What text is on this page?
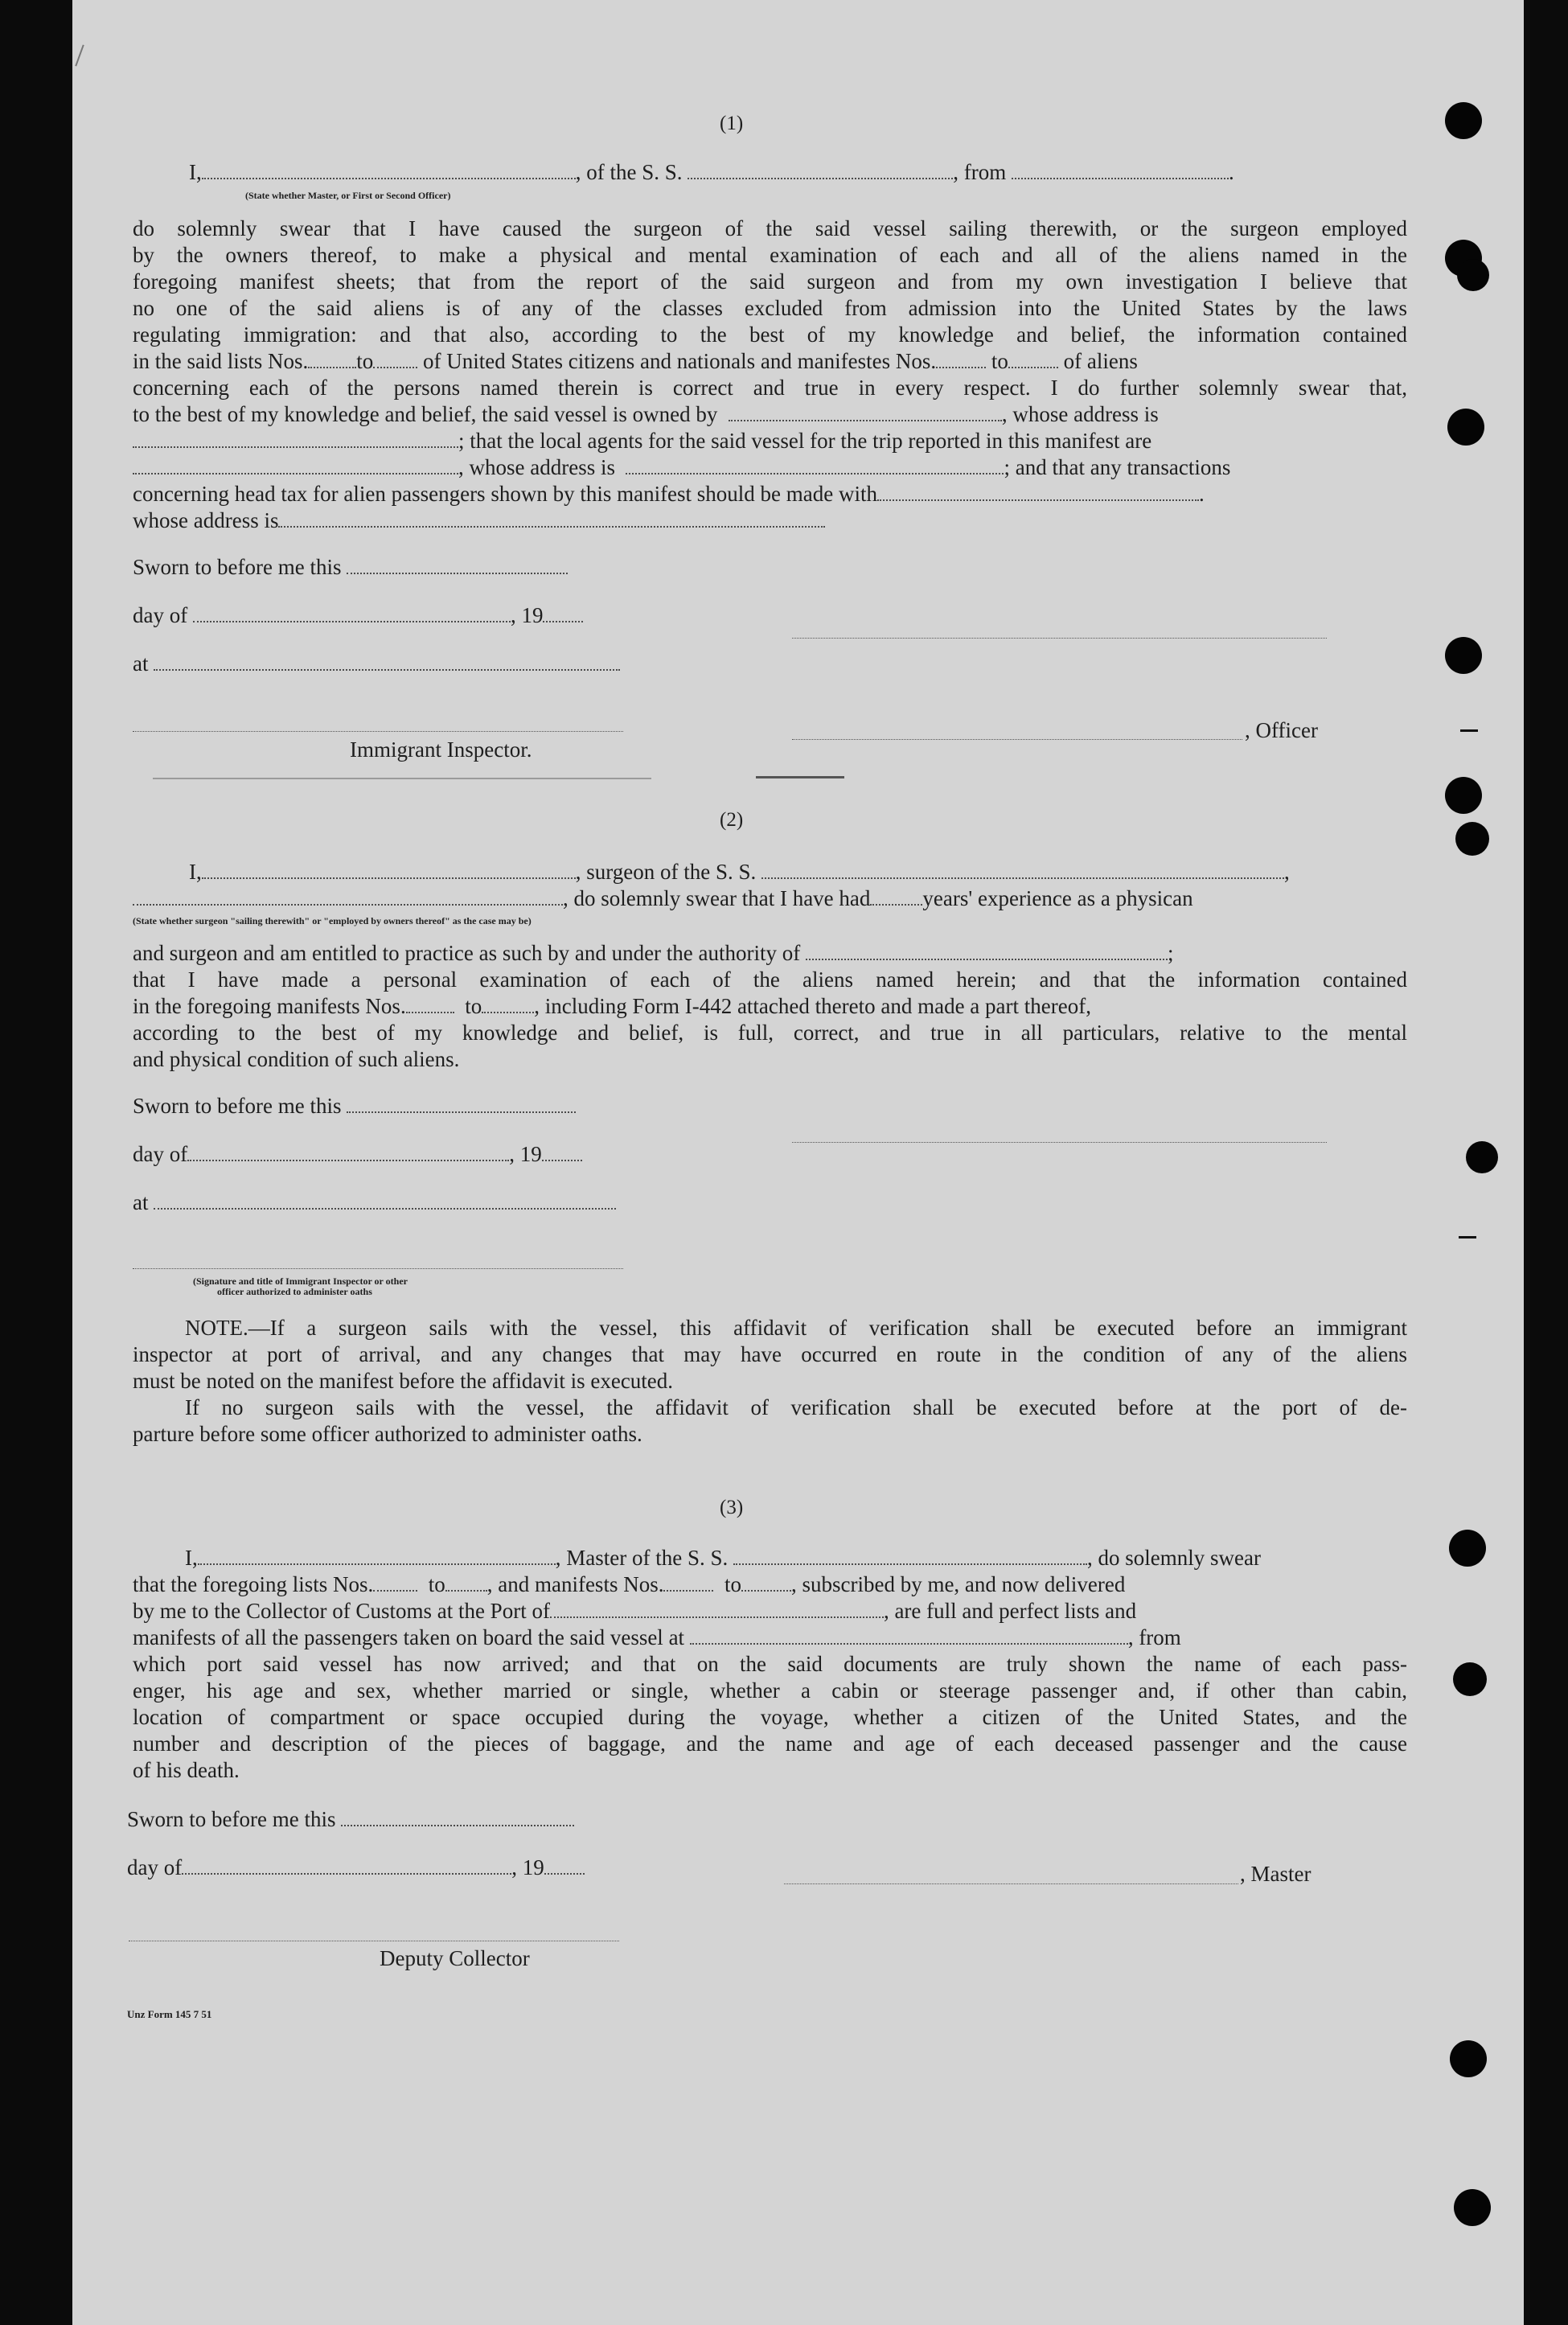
(1)
I,	, of the S. S.	, from	.
(State whether Master, or First or Second Officer)
do solemnly swear that I have caused the surgeon of the said vessel sailing therewith, or the surgeon employed
by the owners thereof, to make a physical and mental examination of each and all of the aliens named in the
foregoing manifest sheets; that from the report of the said surgeon and from my own investigation I believe that
no one of the said aliens is of any of the classes excluded from admission into the United States by the laws
regulating immigration: and that also, according to the best of my knowledge and belief, the information contained
in the said lists Nos. to of United States citizens and nationals and manifestes Nos.	to	of aliens
concerning each of the persons named therein is correct and true in every respect. I do further solemnly swear that,
to the best of my knowledge and belief, the said vessel is owned by	, whose address is
; that the local agents for the said vessel for the trip reported in this manifest are
, whose address is	; and that any transactions
concerning head tax for alien passengers shown by this manifest should be made with	.
whose address is
Sworn to before me this
day of	, 19
at
, Officer
Immigrant Inspector.
(2)
I,	, surgeon of the S. S.	,
, do solemnly swear that I have had years' experience as a physican
(State whether surgeon "sailing therewith" or "employed by owners thereof" as the case may be)
and surgeon and am entitled to practice as such by and under the authority of	;
that I have made a personal examination of each of the aliens named herein; and that the information contained
in the foregoing manifests Nos.	to , including Form I-442 attached thereto and made a part thereof,
according to the best of my knowledge and belief, is full, correct, and true in all particulars, relative to the mental
and physical condition of such aliens.
Sworn to before me this
day of	, 19
at
(Signature and title of Immigrant Inspector or other
officer authorized to administer oaths
NOTE.—If a surgeon sails with the vessel, this affidavit of verification shall be executed before an immigrant
inspector at port of arrival, and any changes that may have occurred en route in the condition of any of the aliens
must be noted on the manifest before the affidavit is executed.
If no surgeon sails with the vessel, the affidavit of verification shall be executed before at the port of de-
parture before some officer authorized to administer oaths.
(3)
I,	, Master of the S. S.	, do solemnly swear
that the foregoing lists Nos.	to , and manifests Nos.	to , subscribed by me, and now delivered
by me to the Collector of Customs at the Port of	, are full and perfect lists and
manifests of all the passengers taken on board the said vessel at	, from
which port said vessel has now arrived; and that on the said documents are truly shown the name of each pass-
enger, his age and sex, whether married or single, whether a cabin or steerage passenger and, if other than cabin,
location of compartment or space occupied during the voyage, whether a citizen of the United States, and the
number and description of the pieces of baggage, and the name and age of each deceased passenger and the cause
of his death.
Sworn to before me this
day of	, 19	, Master
Deputy Collector
Unz Form 145 7 51
